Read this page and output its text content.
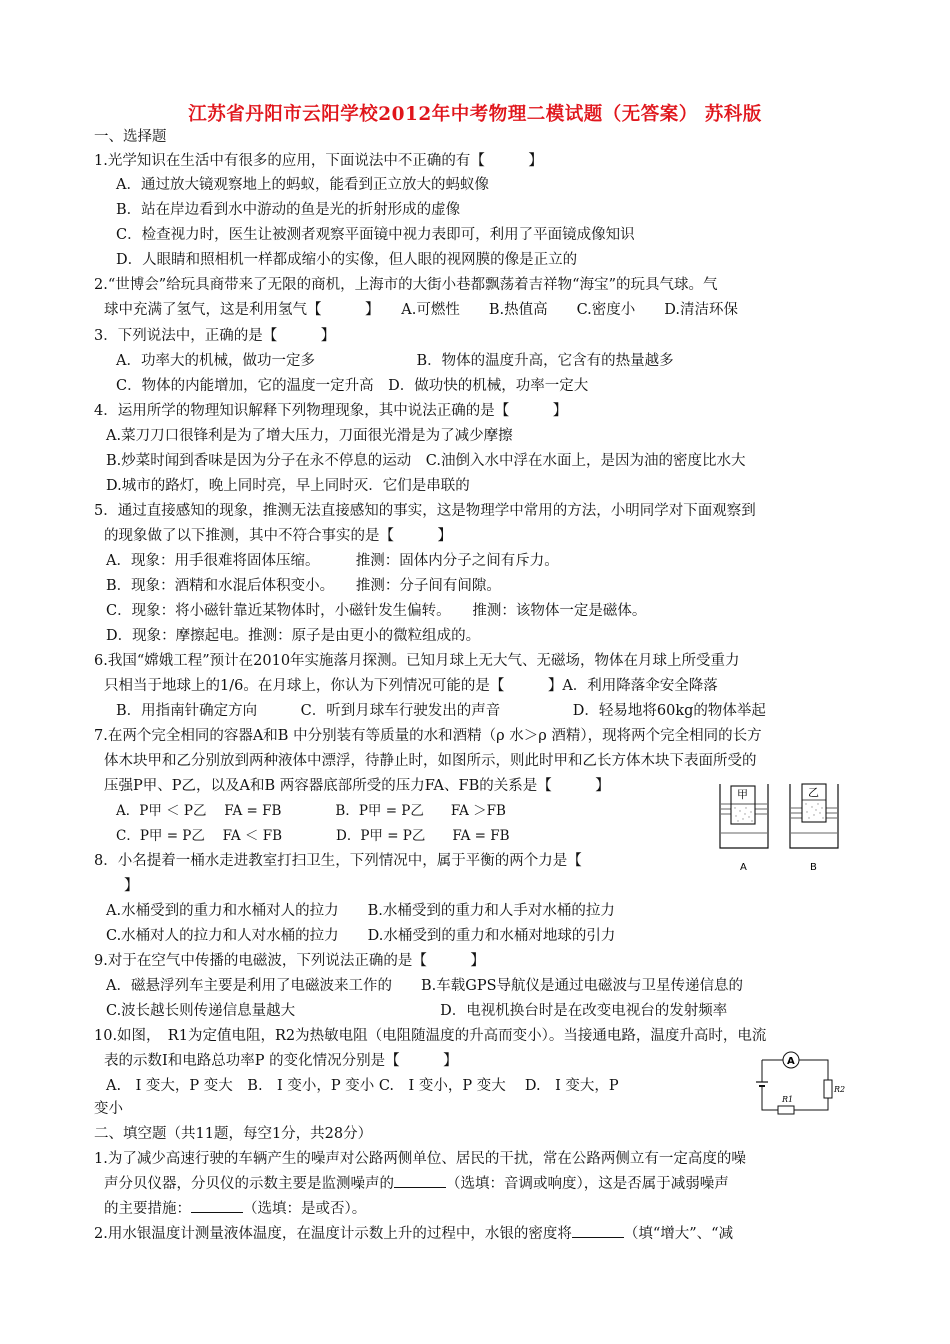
江苏省丹阳市云阳学校2012年中考物理二模试题（无答案） 苏科版
一、选择题
1.光学知识在生活中有很多的应用，下面说法中不正确的有【　　　】
A．通过放大镜观察地上的蚂蚁，能看到正立放大的蚂蚁像
B．站在岸边看到水中游动的鱼是光的折射形成的虚像
C．检查视力时，医生让被测者观察平面镜中视力表即可，利用了平面镜成像知识
D．人眼睛和照相机一样都成缩小的实像，但人眼的视网膜的像是正立的
2.“世博会”给玩具商带来了无限的商机，上海市的大街小巷都飘荡着吉祥物“海宝”的玩具气球。气
球中充满了氢气，这是利用氢气【　　　】　　A.可燃性　　B.热值高　　C.密度小　　D.清洁环保
3．下列说法中，正确的是【　　　】
A．功率大的机械，做功一定多　　　　　　　B．物体的温度升高，它含有的热量越多
C．物体的内能增加，它的温度一定升高　D．做功快的机械，功率一定大
4．运用所学的物理知识解释下列物理现象，其中说法正确的是【　　　】
A.菜刀刀口很锋利是为了增大压力，刀面很光滑是为了减少摩擦
B.炒菜时闻到香味是因为分子在永不停息的运动　C.油倒入水中浮在水面上，是因为油的密度比水大
D.城市的路灯，晚上同时亮，早上同时灭．它们是串联的
5．通过直接感知的现象，推测无法直接感知的事实，这是物理学中常用的方法，小明同学对下面观察到
的现象做了以下推测，其中不符合事实的是【　　　】
A．现象：用手很难将固体压缩。　　　推测：固体内分子之间有斥力。
B．现象：酒精和水混后体积变小。　　推测：分子间有间隙。
C．现象：将小磁针靠近某物体时，小磁针发生偏转。　　推测：该物体一定是磁体。
D．现象：摩擦起电。推测：原子是由更小的微粒组成的。
6.我国“嫦娥工程”预计在2010年实施落月探测。已知月球上无大气、无磁场，物体在月球上所受重力
只相当于地球上的1/6。在月球上，你认为下列情况可能的是【　　　】A．利用降落伞安全降落
B．用指南针确定方向　　　C．听到月球车行驶发出的声音　　　　　D．轻易地将60kg的物体举起
7.在两个完全相同的容器A和B 中分别装有等质量的水和酒精（ρ 水＞ρ 酒精），现将两个完全相同的长方
体木块甲和乙分别放到两种液体中漂浮，待静止时，如图所示，则此时甲和乙长方体木块下表面所受的
压强P甲、P乙，以及A和B 两容器底部所受的压力FA、FB的关系是【　　　】
A．P甲 ＜ P乙　 FA = FB　　　　B．P甲 = P乙　　FA ＞FB
C．P甲 = P乙　 FA ＜ FB　　　　D．P甲 = P乙　　FA = FB
甲
A
乙
B
8．小名提着一桶水走进教室打扫卫生，下列情况中，属于平衡的两个力是【
】
A.水桶受到的重力和水桶对人的拉力　　B.水桶受到的重力和人手对水桶的拉力
C.水桶对人的拉力和人对水桶的拉力　　D.水桶受到的重力和水桶对地球的引力
9.对于在空气中传播的电磁波，下列说法正确的是【　　　】
A．磁悬浮列车主要是利用了电磁波来工作的　　B.车载GPS导航仪是通过电磁波与卫星传递信息的
C.波长越长则传递信息量越大　　　　　　　　　　D．电视机换台时是在改变电视台的发射频率
10.如图，　R1为定值电阻，R2为热敏电阻（电阻随温度的升高而变小）。当接通电路，温度升高时，电流
表的示数I和电路总功率P 的变化情况分别是【　　　】
A.　I 变大，P 变大　B.　I 变小，P 变小 C.　I 变小，P 变大　 D.　I 变大，P
变小
A
R2
R1
二、填空题（共11题，每空1分，共28分）
1.为了减少高速行驶的车辆产生的噪声对公路两侧单位、居民的干扰，常在公路两侧立有一定高度的噪
声分贝仪器，分贝仪的示数主要是监测噪声的	（选填：音调或响度），这是否属于减弱噪声
的主要措施：	（选填：是或否）。
2.用水银温度计测量液体温度，在温度计示数上升的过程中，水银的密度将	（填“增大”、“减
